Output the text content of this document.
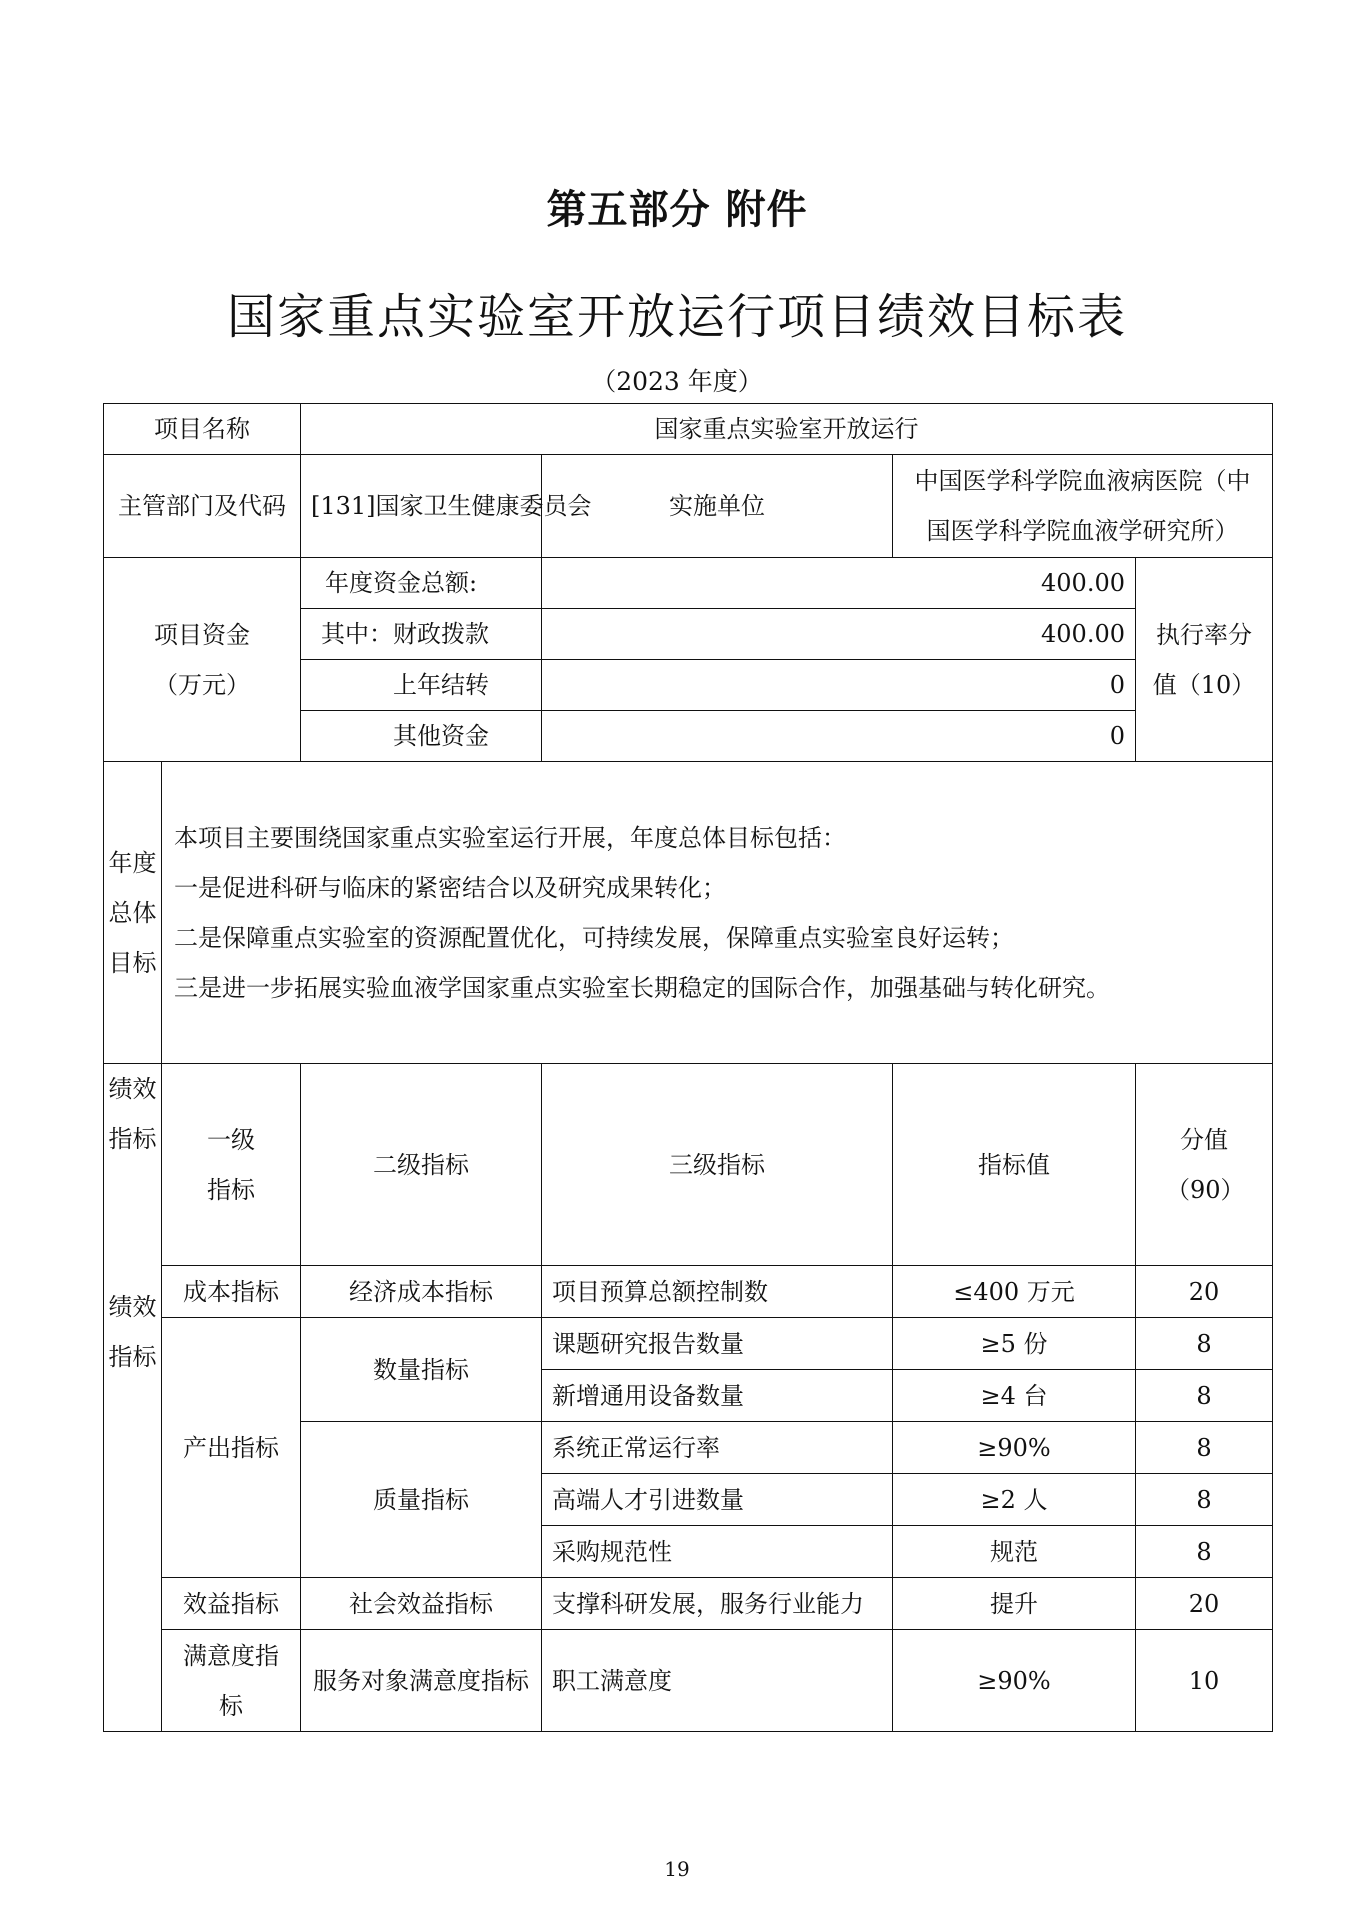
第五部分 附件
国家重点实验室开放运行项目绩效目标表
（2023 年度）
项目名称		国家重点实验室开放运行			
主管部门及代码		[131]国家卫生健康委员会	实施单位	中国医学科学院血液病医院（中国医学科学院血液学研究所）	
项目资金（万元）		年度资金总额:	400.00		执行率分值（10）
		其中：财政拨款	400.00		
		上年结转	0		
		其他资金	0		
年度总体目标	本项目主要围绕国家重点实验室运行开展，年度总体目标包括：
一是促进科研与临床的紧密结合以及研究成果转化；
二是保障重点实验室的资源配置优化，可持续发展，保障重点实验室良好运转；
三是进一步拓展实验血液学国家重点实验室长期稳定的国际合作，加强基础与转化研究。				

绩效指标
绩效指标	一级指标	二级指标	三级指标	指标值	分值（90）
	成本指标	经济成本指标	项目预算总额控制数	≤400 万元	20
	产出指标	数量指标	课题研究报告数量	≥5 份	8
			新增通用设备数量	≥4 台	8
		质量指标	系统正常运行率	≥90%	8
			高端人才引进数量	≥2 人	8
			采购规范性	规范	8
	效益指标	社会效益指标	支撑科研发展，服务行业能力	提升	20
	满意度指标	服务对象满意度指标	职工满意度	≥90%	10
19
